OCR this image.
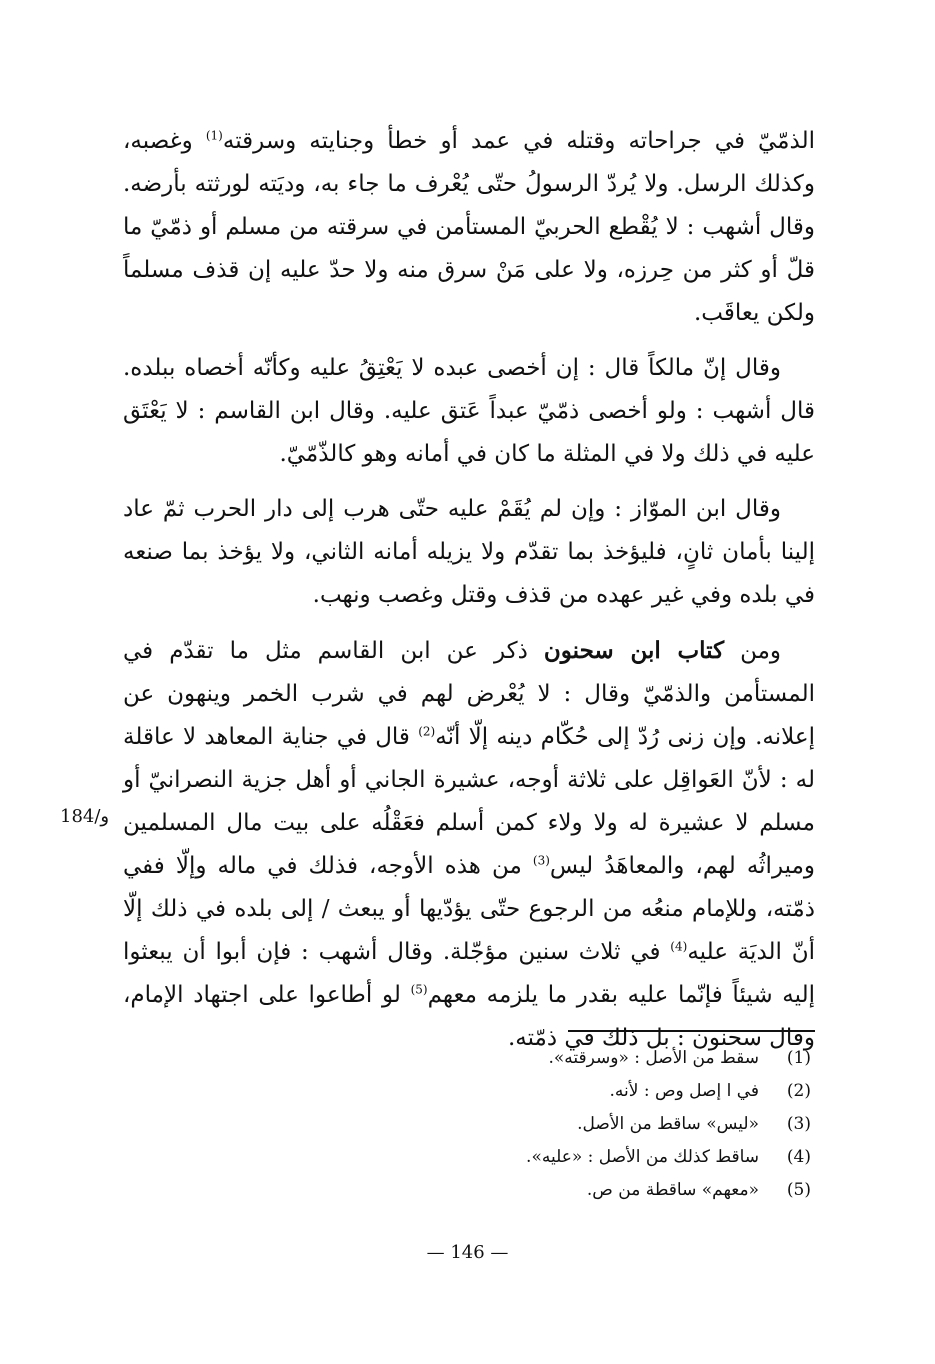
الذمّيّ في جراحاته وقتله في عمد أو خطأ وجنايته وسرقته$^{(1)}$ وغصبه، وكذلك الرسل. ولا يُردّ الرسولُ حتّى يُعْرف ما جاء به، وديَته لورثته بأرضه. وقال أشهب : لا يُقْطع الحربيّ المستأمن في سرقته من مسلم أو ذمّيّ ما قلّ أو كثر من حِرزه، ولا على مَنْ سرق منه ولا حدّ عليه إن قذف مسلماً ولكن يعاقَب.

وقال إنّ مالكاً قال : إن أخصى عبده لا يَعْتِقُ عليه وكأنّه أخصاه ببلده. قال أشهب : ولو أخصى ذمّيّ عبداً عَتق عليه. وقال ابن القاسم : لا يَعْتَق عليه في ذلك ولا في المثلة ما كان في أمانه وهو كالذّمّيّ.

وقال ابن الموّاز : وإن لم يُقَمْ عليه حتّى هرب إلى دار الحرب ثمّ عاد إلينا بأمان ثانٍ، فليؤخذ بما تقدّم ولا يزيله أمانه الثاني، ولا يؤخذ بما صنعه في بلده وفي غير عهده من قذف وقتل وغصب ونهب.

ومن كتاب ابن سحنون ذكر عن ابن القاسم مثل ما تقدّم في المستأمن والذمّيّ وقال : لا يُعْرض لهم في شرب الخمر وينهون عن إعلانه. وإن زنى رُدّ إلى حُكّام دينه إلّا أنّه$^{(2)}$ قال في جناية المعاهد لا عاقلة له : لأنّ العَواقِل على ثلاثة أوجه، عشيرة الجاني أو أهل جزية النصرانيّ أو مسلم لا عشيرة له ولا ولاء كمن أسلم فعَقْلُه على بيت مال المسلمين وميراثُه لهم، والمعاهَدُ ليس$^{(3)}$ من هذه الأوجه، فذلك في ماله وإلّا ففي ذمّته، وللإمام منعُه من الرجوع حتّى يؤدّيها أو يبعث / إلى بلده في ذلك إلّا أنّ الديَة عليه$^{(4)}$ في ثلاث سنين مؤجّلة. وقال أشهب : فإن أبوا أن يبعثوا إليه شيئاً فإنّما عليه بقدر ما يلزمه معهم$^{(5)}$ لو أطاعوا على اجتهاد الإمام، وقال سحنون : بل ذلك في ذمّته.

184/و
(1)
سقط من الأصل : «وسرقته».
(2)
في ا إصل وص : لأنه.
(3)
«ليس» ساقط من الأصل.
(4)
ساقط كذلك من الأصل : «عليه».
(5)
«معهم» ساقطة من ص.
— 146 —
